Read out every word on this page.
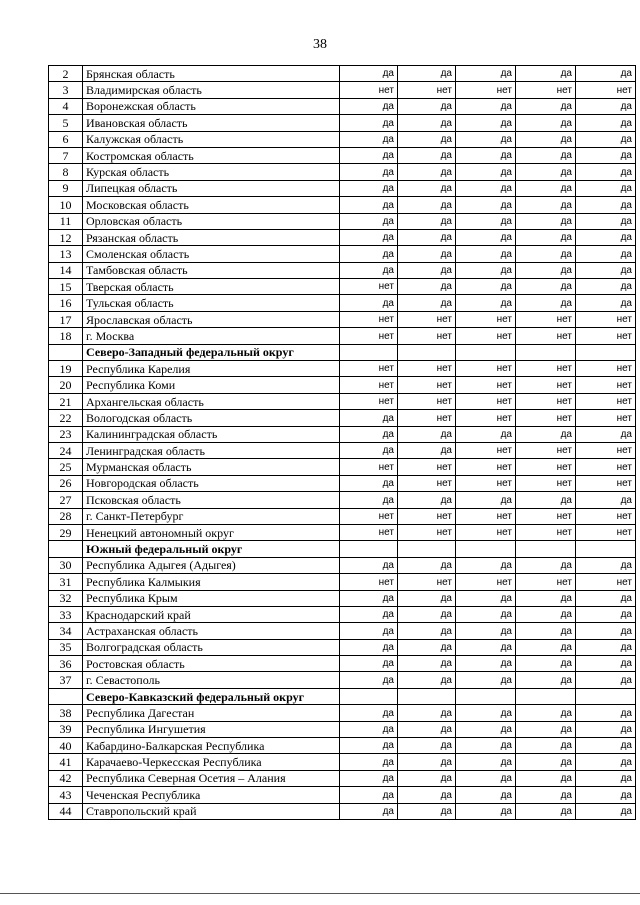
38
2	Брянская область	да	да	да	да	да
3	Владимирская область	нет	нет	нет	нет	нет
4	Воронежская область	да	да	да	да	да
5	Ивановская область	да	да	да	да	да
6	Калужская область	да	да	да	да	да
7	Костромская область	да	да	да	да	да
8	Курская область	да	да	да	да	да
9	Липецкая область	да	да	да	да	да
10	Московская область	да	да	да	да	да
11	Орловская область	да	да	да	да	да
12	Рязанская область	да	да	да	да	да
13	Смоленская область	да	да	да	да	да
14	Тамбовская область	да	да	да	да	да
15	Тверская область	нет	да	да	да	да
16	Тульская область	да	да	да	да	да
17	Ярославская область	нет	нет	нет	нет	нет
18	г. Москва	нет	нет	нет	нет	нет
	Северо-Западный федеральный округ					
19	Республика Карелия	нет	нет	нет	нет	нет
20	Республика Коми	нет	нет	нет	нет	нет
21	Архангельская область	нет	нет	нет	нет	нет
22	Вологодская область	да	нет	нет	нет	нет
23	Калининградская область	да	да	да	да	да
24	Ленинградская область	да	да	нет	нет	нет
25	Мурманская область	нет	нет	нет	нет	нет
26	Новгородская область	да	нет	нет	нет	нет
27	Псковская область	да	да	да	да	да
28	г. Санкт-Петербург	нет	нет	нет	нет	нет
29	Ненецкий автономный округ	нет	нет	нет	нет	нет
	Южный федеральный округ					
30	Республика Адыгея (Адыгея)	да	да	да	да	да
31	Республика Калмыкия	нет	нет	нет	нет	нет
32	Республика Крым	да	да	да	да	да
33	Краснодарский край	да	да	да	да	да
34	Астраханская область	да	да	да	да	да
35	Волгоградская область	да	да	да	да	да
36	Ростовская область	да	да	да	да	да
37	г. Севастополь	да	да	да	да	да
	Северо-Кавказский федеральный округ					
38	Республика Дагестан	да	да	да	да	да
39	Республика Ингушетия	да	да	да	да	да
40	Кабардино-Балкарская Республика	да	да	да	да	да
41	Карачаево-Черкесская Республика	да	да	да	да	да
42	Республика Северная Осетия – Алания	да	да	да	да	да
43	Чеченская Республика	да	да	да	да	да
44	Ставропольский край	да	да	да	да	да
